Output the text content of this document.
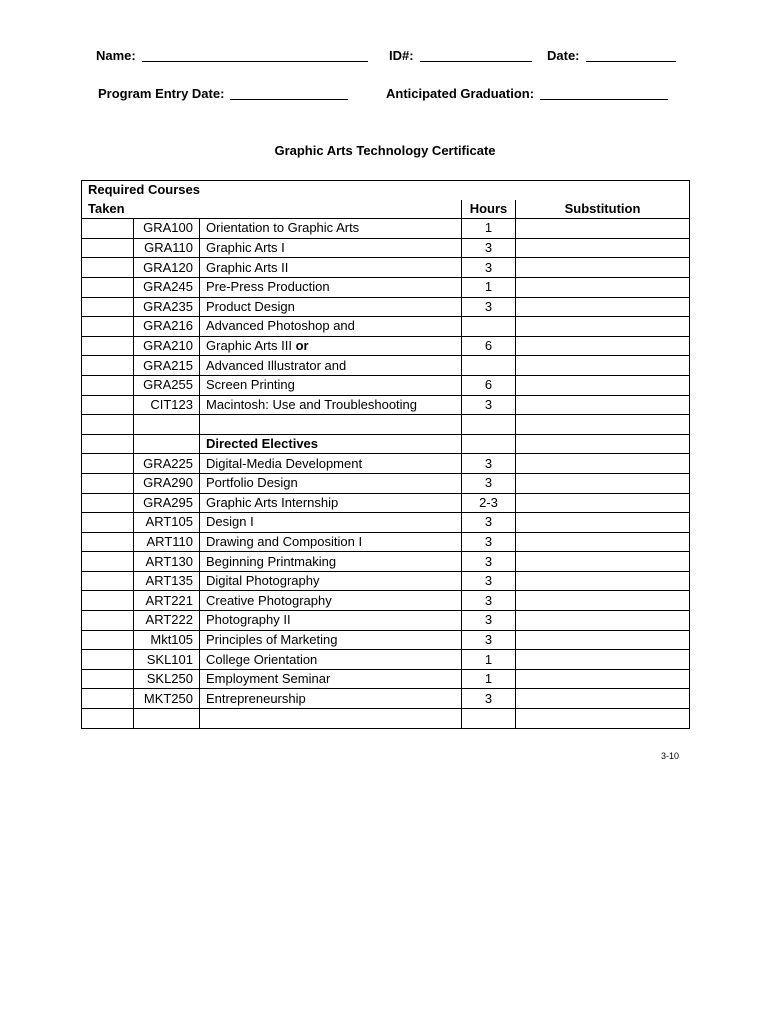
Name:	ID#:	Date:
Program Entry Date:	Anticipated Graduation:
Graphic Arts Technology Certificate
Required Courses				
Taken			Hours	Substitution
	GRA100	Orientation to Graphic Arts	1	
	GRA110	Graphic Arts I	3	
	GRA120	Graphic Arts II	3	
	GRA245	Pre-Press Production	1	
	GRA235	Product Design	3	
	GRA216	Advanced Photoshop and		
	GRA210	Graphic Arts III or	6	
	GRA215	Advanced Illustrator and		
	GRA255	Screen Printing	6	
	CIT123	Macintosh: Use and Troubleshooting	3	

		Directed Electives		
	GRA225	Digital-Media Development	3	
	GRA290	Portfolio Design	3	
	GRA295	Graphic Arts Internship	2-3	
	ART105	Design I	3	
	ART110	Drawing and Composition I	3	
	ART130	Beginning Printmaking	3	
	ART135	Digital Photography	3	
	ART221	Creative Photography	3	
	ART222	Photography II	3	
	Mkt105	Principles of Marketing	3	
	SKL101	College Orientation	1	
	SKL250	Employment Seminar	1	
	MKT250	Entrepreneurship	3	

3-10
